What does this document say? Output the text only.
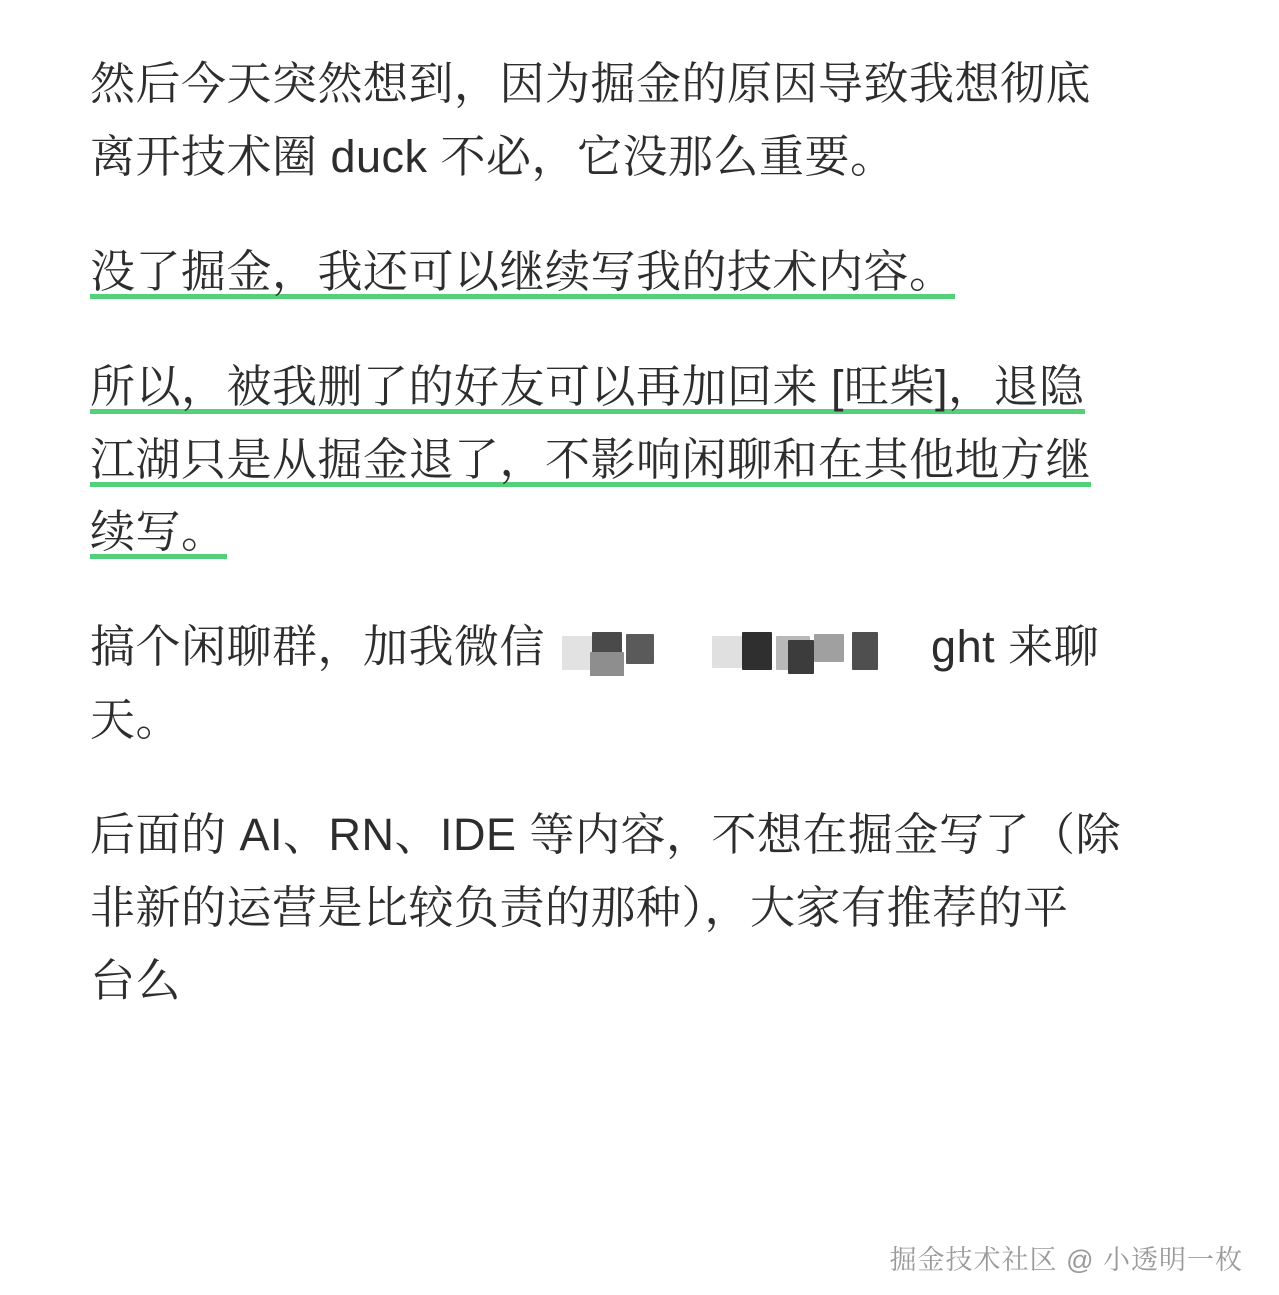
然后今天突然想到，因为掘金的原因导致我想彻底
离开技术圈 duck 不必，它没那么重要。

没了掘金，我还可以继续写我的技术内容。

所以，被我删了的好友可以再加回来 [旺柴]，退隐
江湖只是从掘金退了，不影响闲聊和在其他地方继
续写。

搞个闲聊群，加我微信	ght 来聊
天。

后面的 AI、RN、IDE 等内容，不想在掘金写了（除
非新的运营是比较负责的那种），大家有推荐的平
台么

掘金技术社区 @ 小透明一枚
